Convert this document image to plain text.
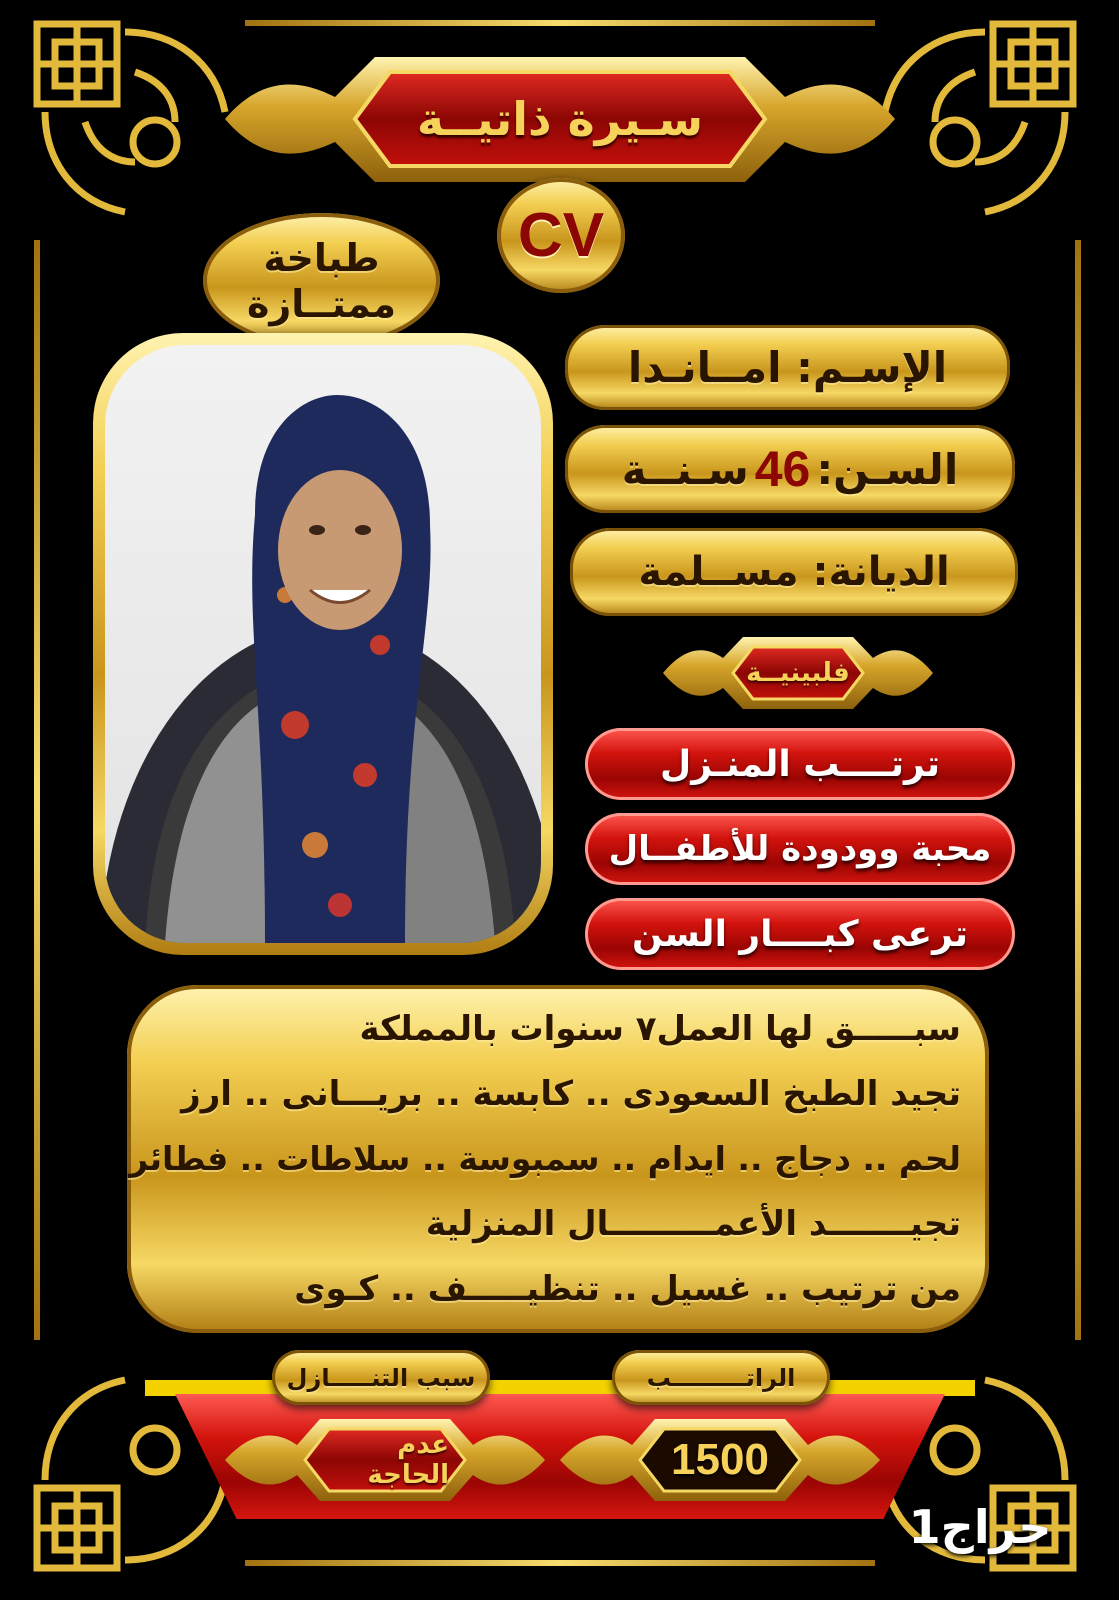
سـيرة ذاتيــة
CV
طباخة
ممتــازة
الإسـم: امــانـدا
السـن:
46
سـنــة
الديانة: مســلمة
فلبينيــة
ترتــــب المنـزل
محبة وودودة للأطفــال
ترعى كبــــار السن
سبـــــق لها العمل٧ سنوات بالمملكة
تجيد الطبخ السعودى .. كابسة .. بريـــانى .. ارز
لحم .. دجاج .. ايدام .. سمبوسة .. سلاطات .. فطائر
تجيـــــــد الأعمـــــــــال المنزلية
من ترتيب .. غسيل .. تنظيـــــف .. كـوى
الراتـــــــــب
سبب التنـــــازل
1500
عدم الحاجة
حراج1
